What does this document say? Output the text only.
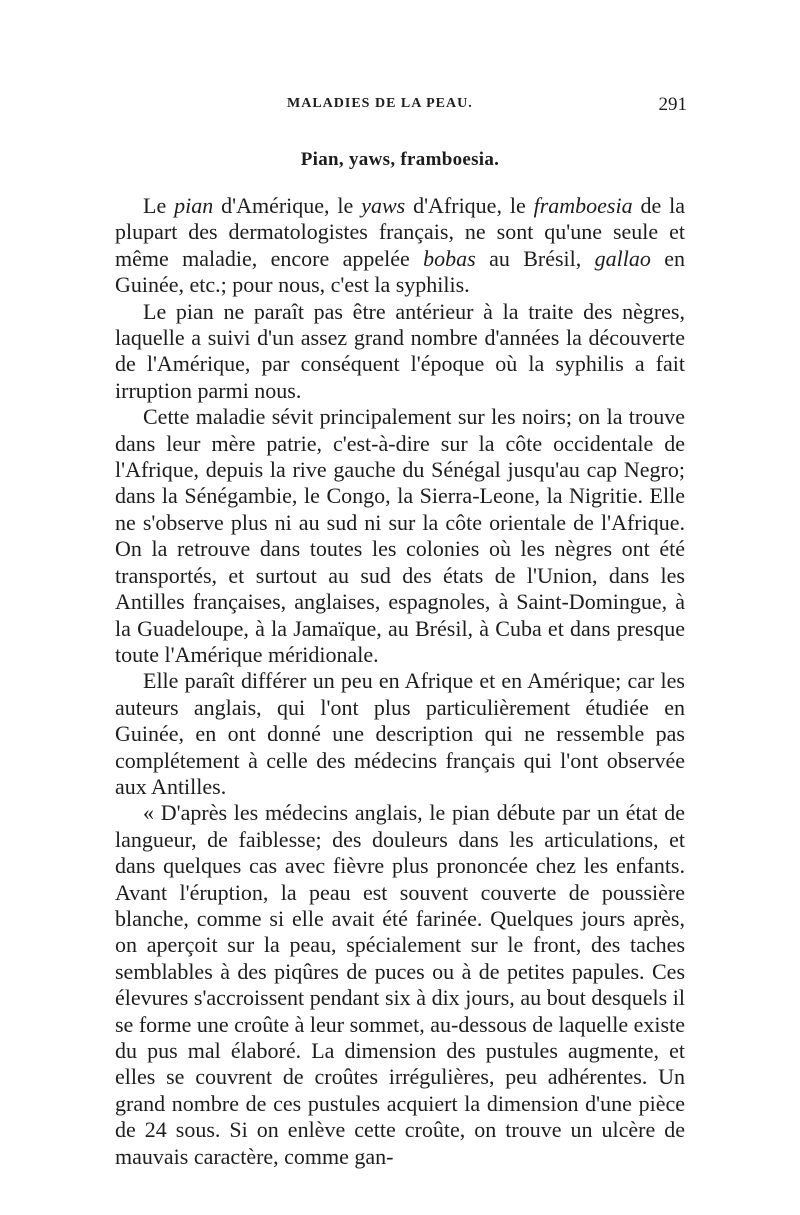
MALADIES DE LA PEAU.	291
Pian, yaws, framboesia.

Le pian d'Amérique, le yaws d'Afrique, le framboesia de la plupart des dermatologistes français, ne sont qu'une seule et même maladie, encore appelée bobas au Brésil, gallao en Guinée, etc.; pour nous, c'est la syphilis.

Le pian ne paraît pas être antérieur à la traite des nègres, laquelle a suivi d'un assez grand nombre d'années la découverte de l'Amérique, par conséquent l'époque où la syphilis a fait irruption parmi nous.

Cette maladie sévit principalement sur les noirs; on la trouve dans leur mère patrie, c'est-à-dire sur la côte occidentale de l'Afrique, depuis la rive gauche du Sénégal jusqu'au cap Negro; dans la Sénégambie, le Congo, la Sierra-Leone, la Nigritie. Elle ne s'observe plus ni au sud ni sur la côte orientale de l'Afrique. On la retrouve dans toutes les colonies où les nègres ont été transportés, et surtout au sud des états de l'Union, dans les Antilles françaises, anglaises, espagnoles, à Saint-Domingue, à la Guadeloupe, à la Jamaïque, au Brésil, à Cuba et dans presque toute l'Amérique méridionale.

Elle paraît différer un peu en Afrique et en Amérique; car les auteurs anglais, qui l'ont plus particulièrement étudiée en Guinée, en ont donné une description qui ne ressemble pas complétement à celle des médecins français qui l'ont observée aux Antilles.

« D'après les médecins anglais, le pian débute par un état de langueur, de faiblesse; des douleurs dans les articulations, et dans quelques cas avec fièvre plus prononcée chez les enfants. Avant l'éruption, la peau est souvent couverte de poussière blanche, comme si elle avait été farinée. Quelques jours après, on aperçoit sur la peau, spécialement sur le front, des taches semblables à des piqûres de puces ou à de petites papules. Ces élevures s'accroissent pendant six à dix jours, au bout desquels il se forme une croûte à leur sommet, au-dessous de laquelle existe du pus mal élaboré. La dimension des pustules augmente, et elles se couvrent de croûtes irrégulières, peu adhérentes. Un grand nombre de ces pustules acquiert la dimension d'une pièce de 24 sous. Si on enlève cette croûte, on trouve un ulcère de mauvais caractère, comme gan-
